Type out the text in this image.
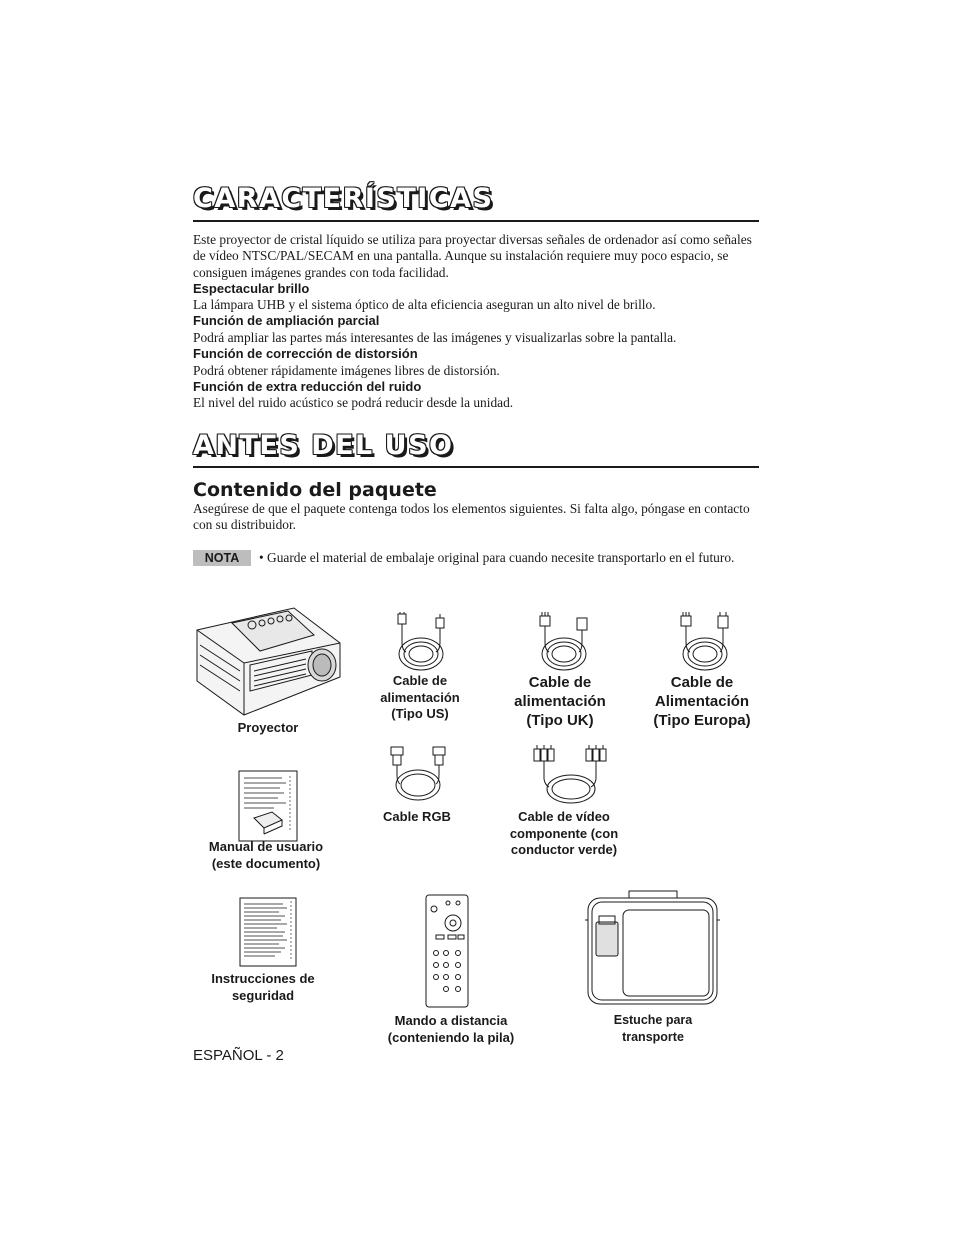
CARACTERÍSTICAS
Este proyector de cristal líquido se utiliza para proyectar diversas señales de ordenador así como señales de vídeo NTSC/PAL/SECAM en una pantalla. Aunque su instalación requiere muy poco espacio, se consiguen imágenes grandes con toda facilidad.
Espectacular brillo
La lámpara UHB y el sistema óptico de alta eficiencia aseguran un alto nivel de brillo.
Función de ampliación parcial
Podrá ampliar las partes más interesantes de las imágenes y visualizarlas sobre la pantalla.
Función de corrección de distorsión
Podrá obtener rápidamente imágenes libres de distorsión.
Función de extra reducción del ruido
El nivel del ruido acústico se podrá reducir desde la unidad.
ANTES DEL USO
Contenido del paquete
Asegúrese de que el paquete contenga todos los elementos siguientes. Si falta algo, póngase en contacto con su distribuidor.
NOTA	• Guarde el material de embalaje original para cuando necesite transportarlo en el futuro.
Proyector
Cable de
alimentación
(Tipo US)
Cable de
alimentación
(Tipo UK)
Cable de
Alimentación
(Tipo Europa)
Manual de usuario
(este documento)
Cable RGB	Cable de vídeo
componente (con
conductor verde)
Instrucciones de
seguridad
Mando a distancia
(conteniendo la pila)
Estuche para
transporte
ESPAÑOL - 2
